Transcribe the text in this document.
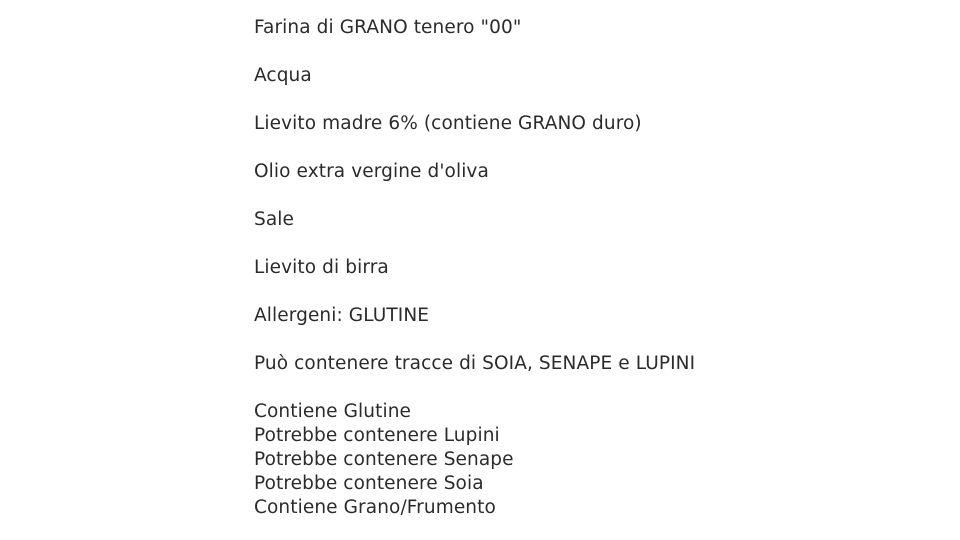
Farina di GRANO tenero "00"
Acqua
Lievito madre 6% (contiene GRANO duro)
Olio extra vergine d'oliva
Sale
Lievito di birra
Allergeni: GLUTINE
Può contenere tracce di SOIA, SENAPE e LUPINI
Contiene Glutine
Potrebbe contenere Lupini
Potrebbe contenere Senape
Potrebbe contenere Soia
Contiene Grano/Frumento
